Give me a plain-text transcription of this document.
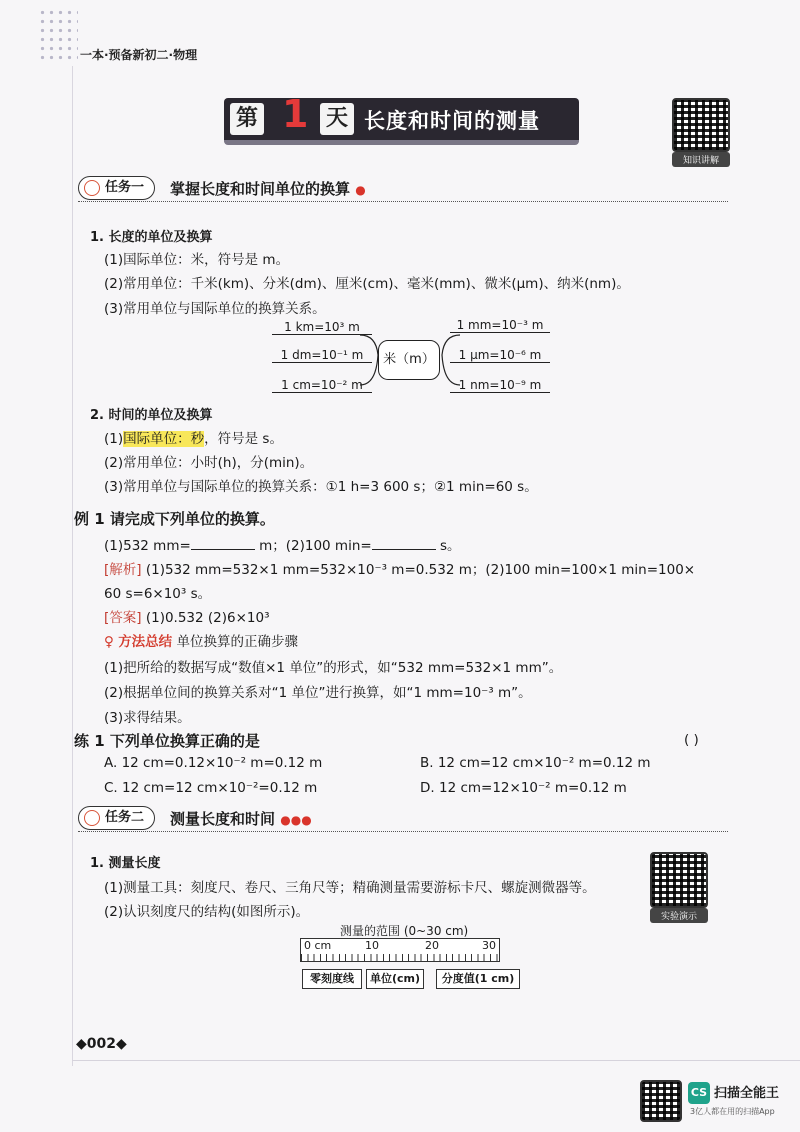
一本·预备新初二·物理
第 1 天 长度和时间的测量
知识讲解
任务一	掌握长度和时间单位的换算 ●
1. 长度的单位及换算
(1)国际单位：米，符号是 m。
(2)常用单位：千米(km)、分米(dm)、厘米(cm)、毫米(mm)、微米(μm)、纳米(nm)。
(3)常用单位与国际单位的换算关系。
1 km=10³ m
1 dm=10⁻¹ m
1 cm=10⁻² m
米（m）
1 mm=10⁻³ m
1 μm=10⁻⁶ m
1 nm=10⁻⁹ m
2. 时间的单位及换算
(1)国际单位：秒，符号是 s。
(2)常用单位：小时(h)，分(min)。
(3)常用单位与国际单位的换算关系：①1 h=3 600 s；②1 min=60 s。
例 1 请完成下列单位的换算。
(1)532 mm=	m；(2)100 min=	s。
[解析] (1)532 mm=532×1 mm=532×10⁻³ m=0.532 m；(2)100 min=100×1 min=100×
60 s=6×10³ s。
[答案] (1)0.532 (2)6×10³
♀ 方法总结 单位换算的正确步骤
(1)把所给的数据写成“数值×1 单位”的形式，如“532 mm=532×1 mm”。
(2)根据单位间的换算关系对“1 单位”进行换算，如“1 mm=10⁻³ m”。
(3)求得结果。
练 1 下列单位换算正确的是	( )
A. 12 cm=0.12×10⁻² m=0.12 m	B. 12 cm=12 cm×10⁻² m=0.12 m
C. 12 cm=12 cm×10⁻²=0.12 m	D. 12 cm=12×10⁻² m=0.12 m
任务二	测量长度和时间 ●●●
实验演示
1. 测量长度
(1)测量工具：刻度尺、卷尺、三角尺等；精确测量需要游标卡尺、螺旋测微器等。
(2)认识刻度尺的结构(如图所示)。
测量的范围 (0~30 cm)
0 cm	10	20	30
零刻度线	单位(cm)	分度值(1 cm)
◆002◆
CS 扫描全能王
3亿人都在用的扫描App
